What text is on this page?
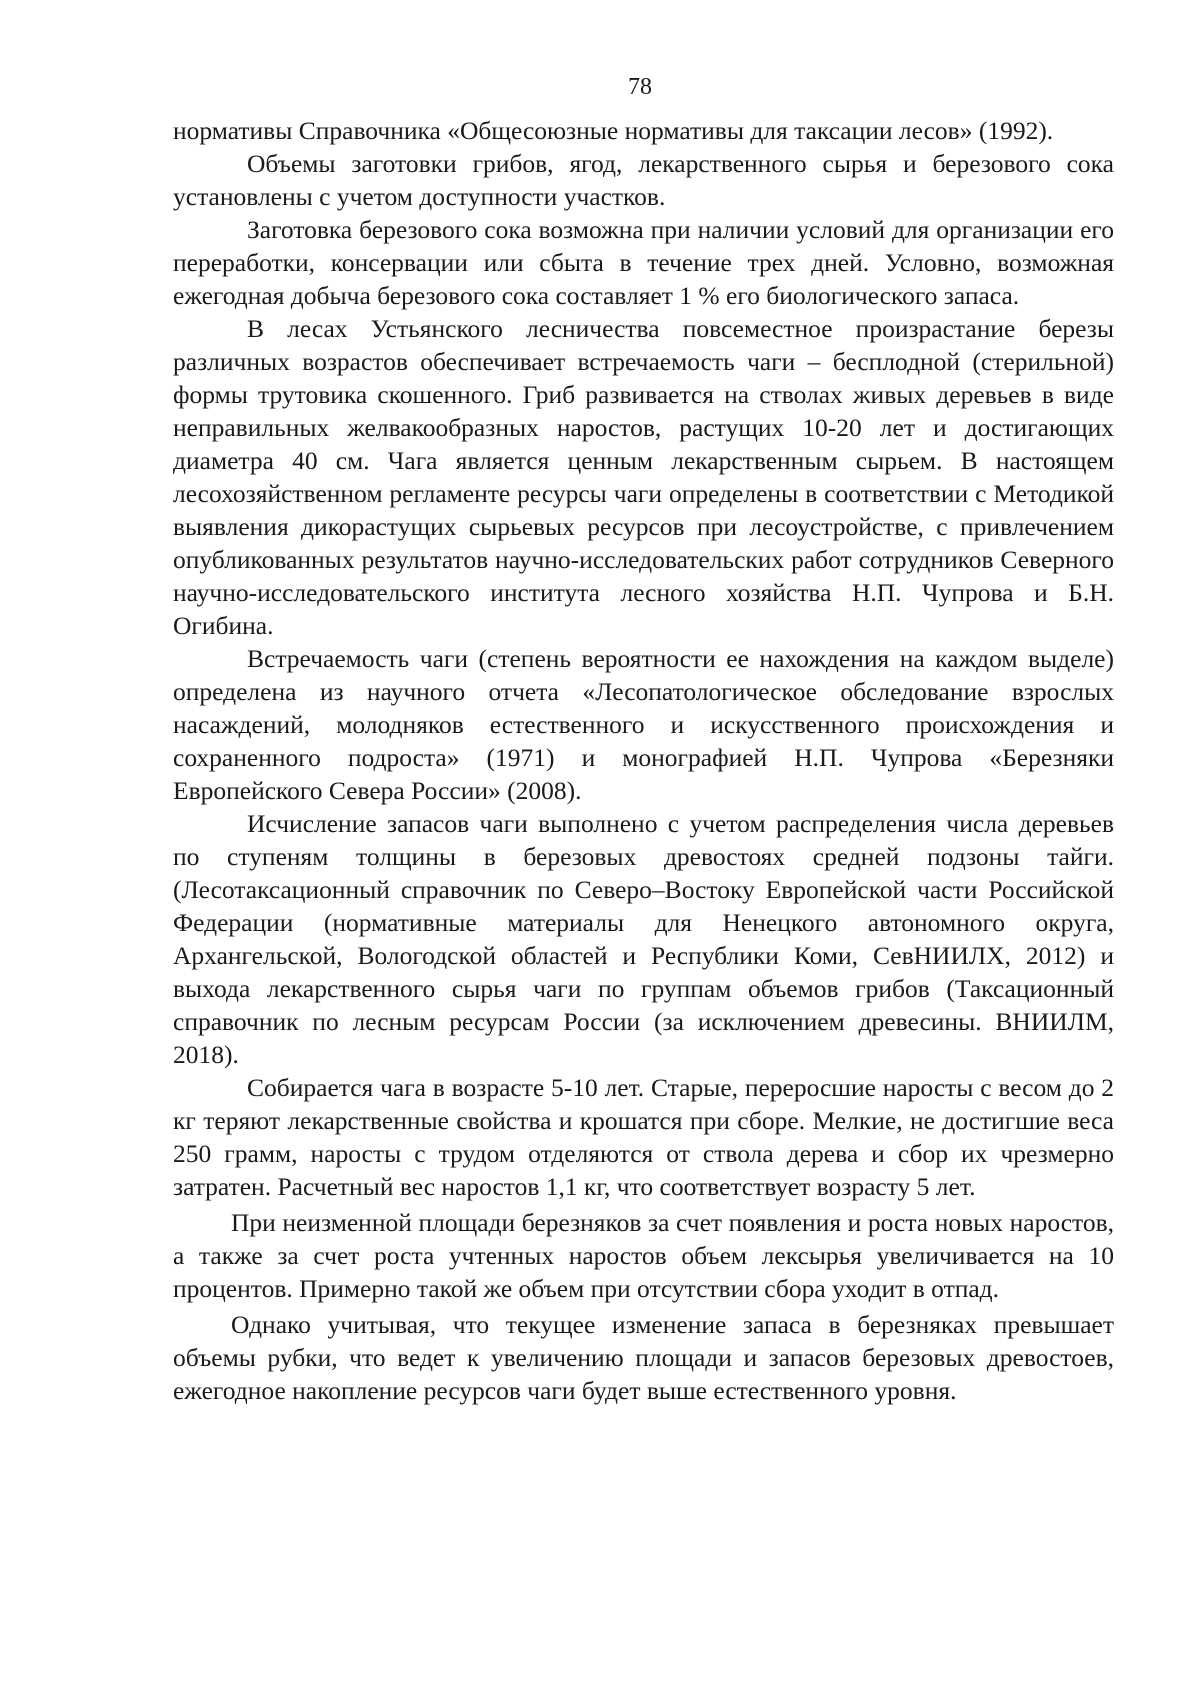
78

нормативы Справочника «Общесоюзные нормативы для таксации лесов» (1992).

Объемы заготовки грибов, ягод, лекарственного сырья и березового сока установлены с учетом доступности участков.

Заготовка березового сока возможна при наличии условий для организации его переработки, консервации или сбыта в течение трех дней. Условно, возможная ежегодная добыча березового сока составляет 1 % его биологического запаса.

В лесах Устьянского лесничества повсеместное произрастание березы различных возрастов обеспечивает встречаемость чаги – бесплодной (стерильной) формы трутовика скошенного. Гриб развивается на стволах живых деревьев в виде неправильных желвакообразных наростов, растущих 10-20 лет и достигающих диаметра 40 см. Чага является ценным лекарственным сырьем. В настоящем лесохозяйственном регламенте ресурсы чаги определены в соответствии с Методикой выявления дикорастущих сырьевых ресурсов при лесоустройстве, с привлечением опубликованных результатов научно-исследовательских работ сотрудников Северного научно-исследовательского института лесного хозяйства Н.П. Чупрова и Б.Н. Огибина.

Встречаемость чаги (степень вероятности ее нахождения на каждом выделе) определена из научного отчета «Лесопатологическое обследование взрослых насаждений, молодняков естественного и искусственного происхождения и сохраненного подроста» (1971) и монографией Н.П. Чупрова «Березняки Европейского Севера России» (2008).

Исчисление запасов чаги выполнено с учетом распределения числа деревьев по ступеням толщины в березовых древостоях средней подзоны тайги. (Лесотаксационный справочник по Северо–Востоку Европейской части Российской Федерации (нормативные материалы для Ненецкого автономного округа, Архангельской, Вологодской областей и Республики Коми, СевНИИЛХ, 2012) и выхода лекарственного сырья чаги по группам объемов грибов (Таксационный справочник по лесным ресурсам России (за исключением древесины. ВНИИЛМ, 2018).

Собирается чага в возрасте 5-10 лет. Старые, переросшие наросты с весом до 2 кг теряют лекарственные свойства и крошатся при сборе. Мелкие, не достигшие веса 250 грамм, наросты с трудом отделяются от ствола дерева и сбор их чрезмерно затратен. Расчетный вес наростов 1,1 кг, что соответствует возрасту 5 лет.

При неизменной площади березняков за счет появления и роста новых наростов, а также за счет роста учтенных наростов объем лексырья увеличивается на 10 процентов. Примерно такой же объем при отсутствии сбора уходит в отпад.

Однако учитывая, что текущее изменение запаса в березняках превышает объемы рубки, что ведет к увеличению площади и запасов березовых древостоев, ежегодное накопление ресурсов чаги будет выше естественного уровня.
